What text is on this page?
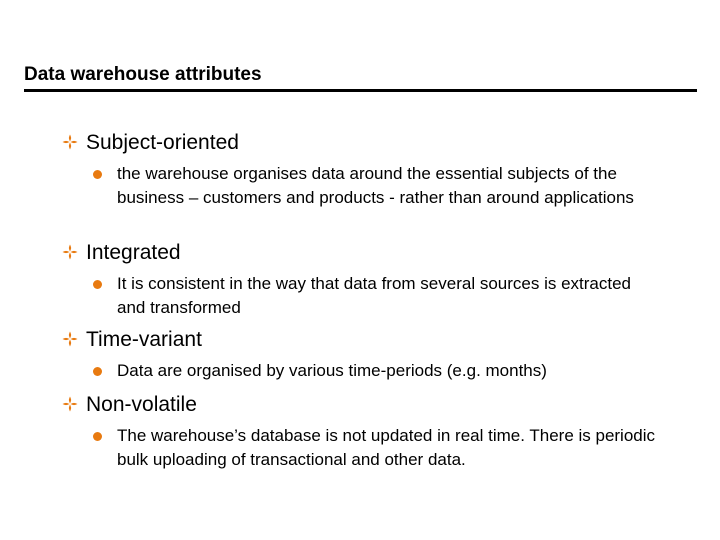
Data warehouse attributes
Subject-oriented
the warehouse organises data around the essential subjects of the business – customers and products - rather than around applications
Integrated
It is consistent in the way that data from several sources is extracted and transformed
Time-variant
Data are organised by various time-periods (e.g. months)
Non-volatile
The warehouse’s database is not updated in real time. There is periodic bulk uploading of transactional and other data.
